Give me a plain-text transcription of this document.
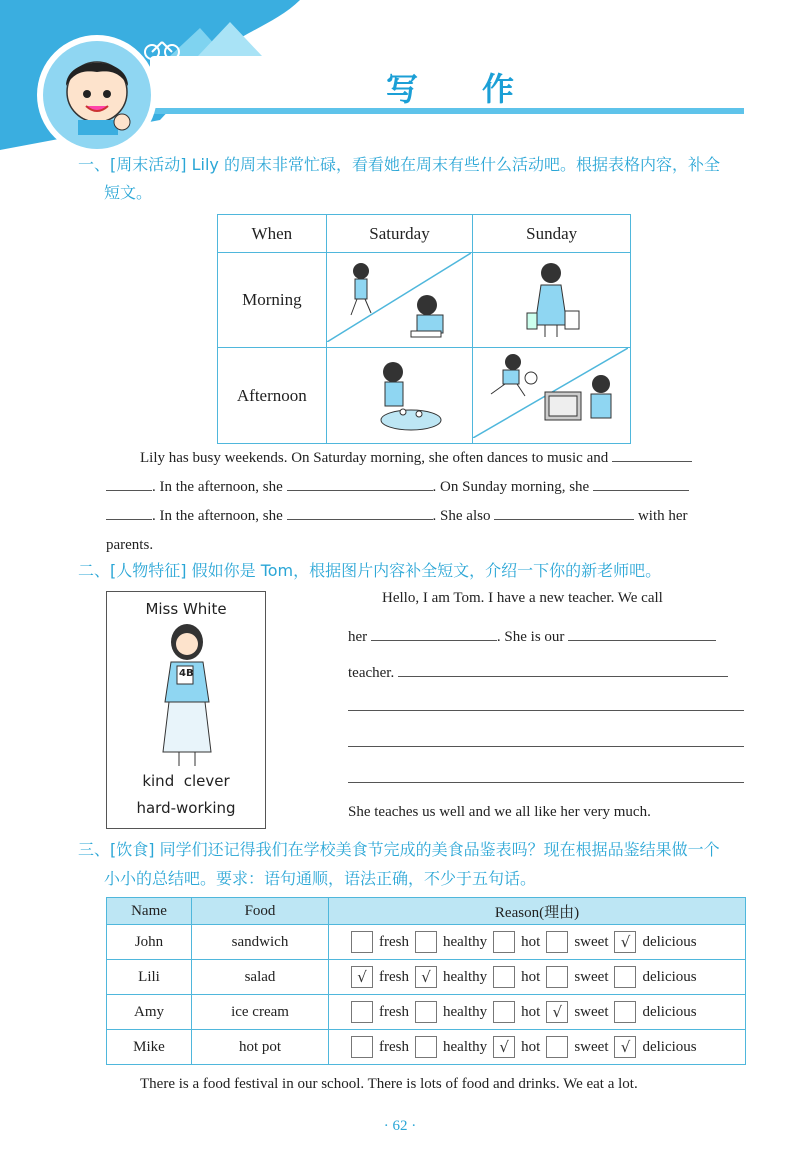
写　　作
一、[周末活动] Lily 的周末非常忙碌，看看她在周末有些什么活动吧。根据表格内容，补全
短文。
When	Saturday	Sunday
Morning		
Afternoon		
Lily has busy weekends. On Saturday morning, she often dances to music and
. In the afternoon, she	. On Sunday morning, she
. In the afternoon, she	. She also	with her
parents.
二、[人物特征] 假如你是 Tom，根据图片内容补全短文，介绍一下你的新老师吧。
Miss White
4B
kind  clever
hard-working
Hello, I am Tom. I have a new teacher. We call
her	. She is our
teacher.
She teaches us well and we all like her very much.
三、[饮食] 同学们还记得我们在学校美食节完成的美食品鉴表吗？现在根据品鉴结果做一个
小小的总结吧。要求：语句通顺，语法正确，不少于五句话。
Name	Food	Reason(理由)
John	sandwich	fresh healthy hot sweet √ delicious
Lili	salad	√ fresh √ healthy hot sweet delicious
Amy	ice cream	fresh healthy hot √ sweet delicious
Mike	hot pot	fresh healthy √ hot sweet √ delicious
There is a food festival in our school. There is lots of food and drinks. We eat a lot.
· 62 ·
